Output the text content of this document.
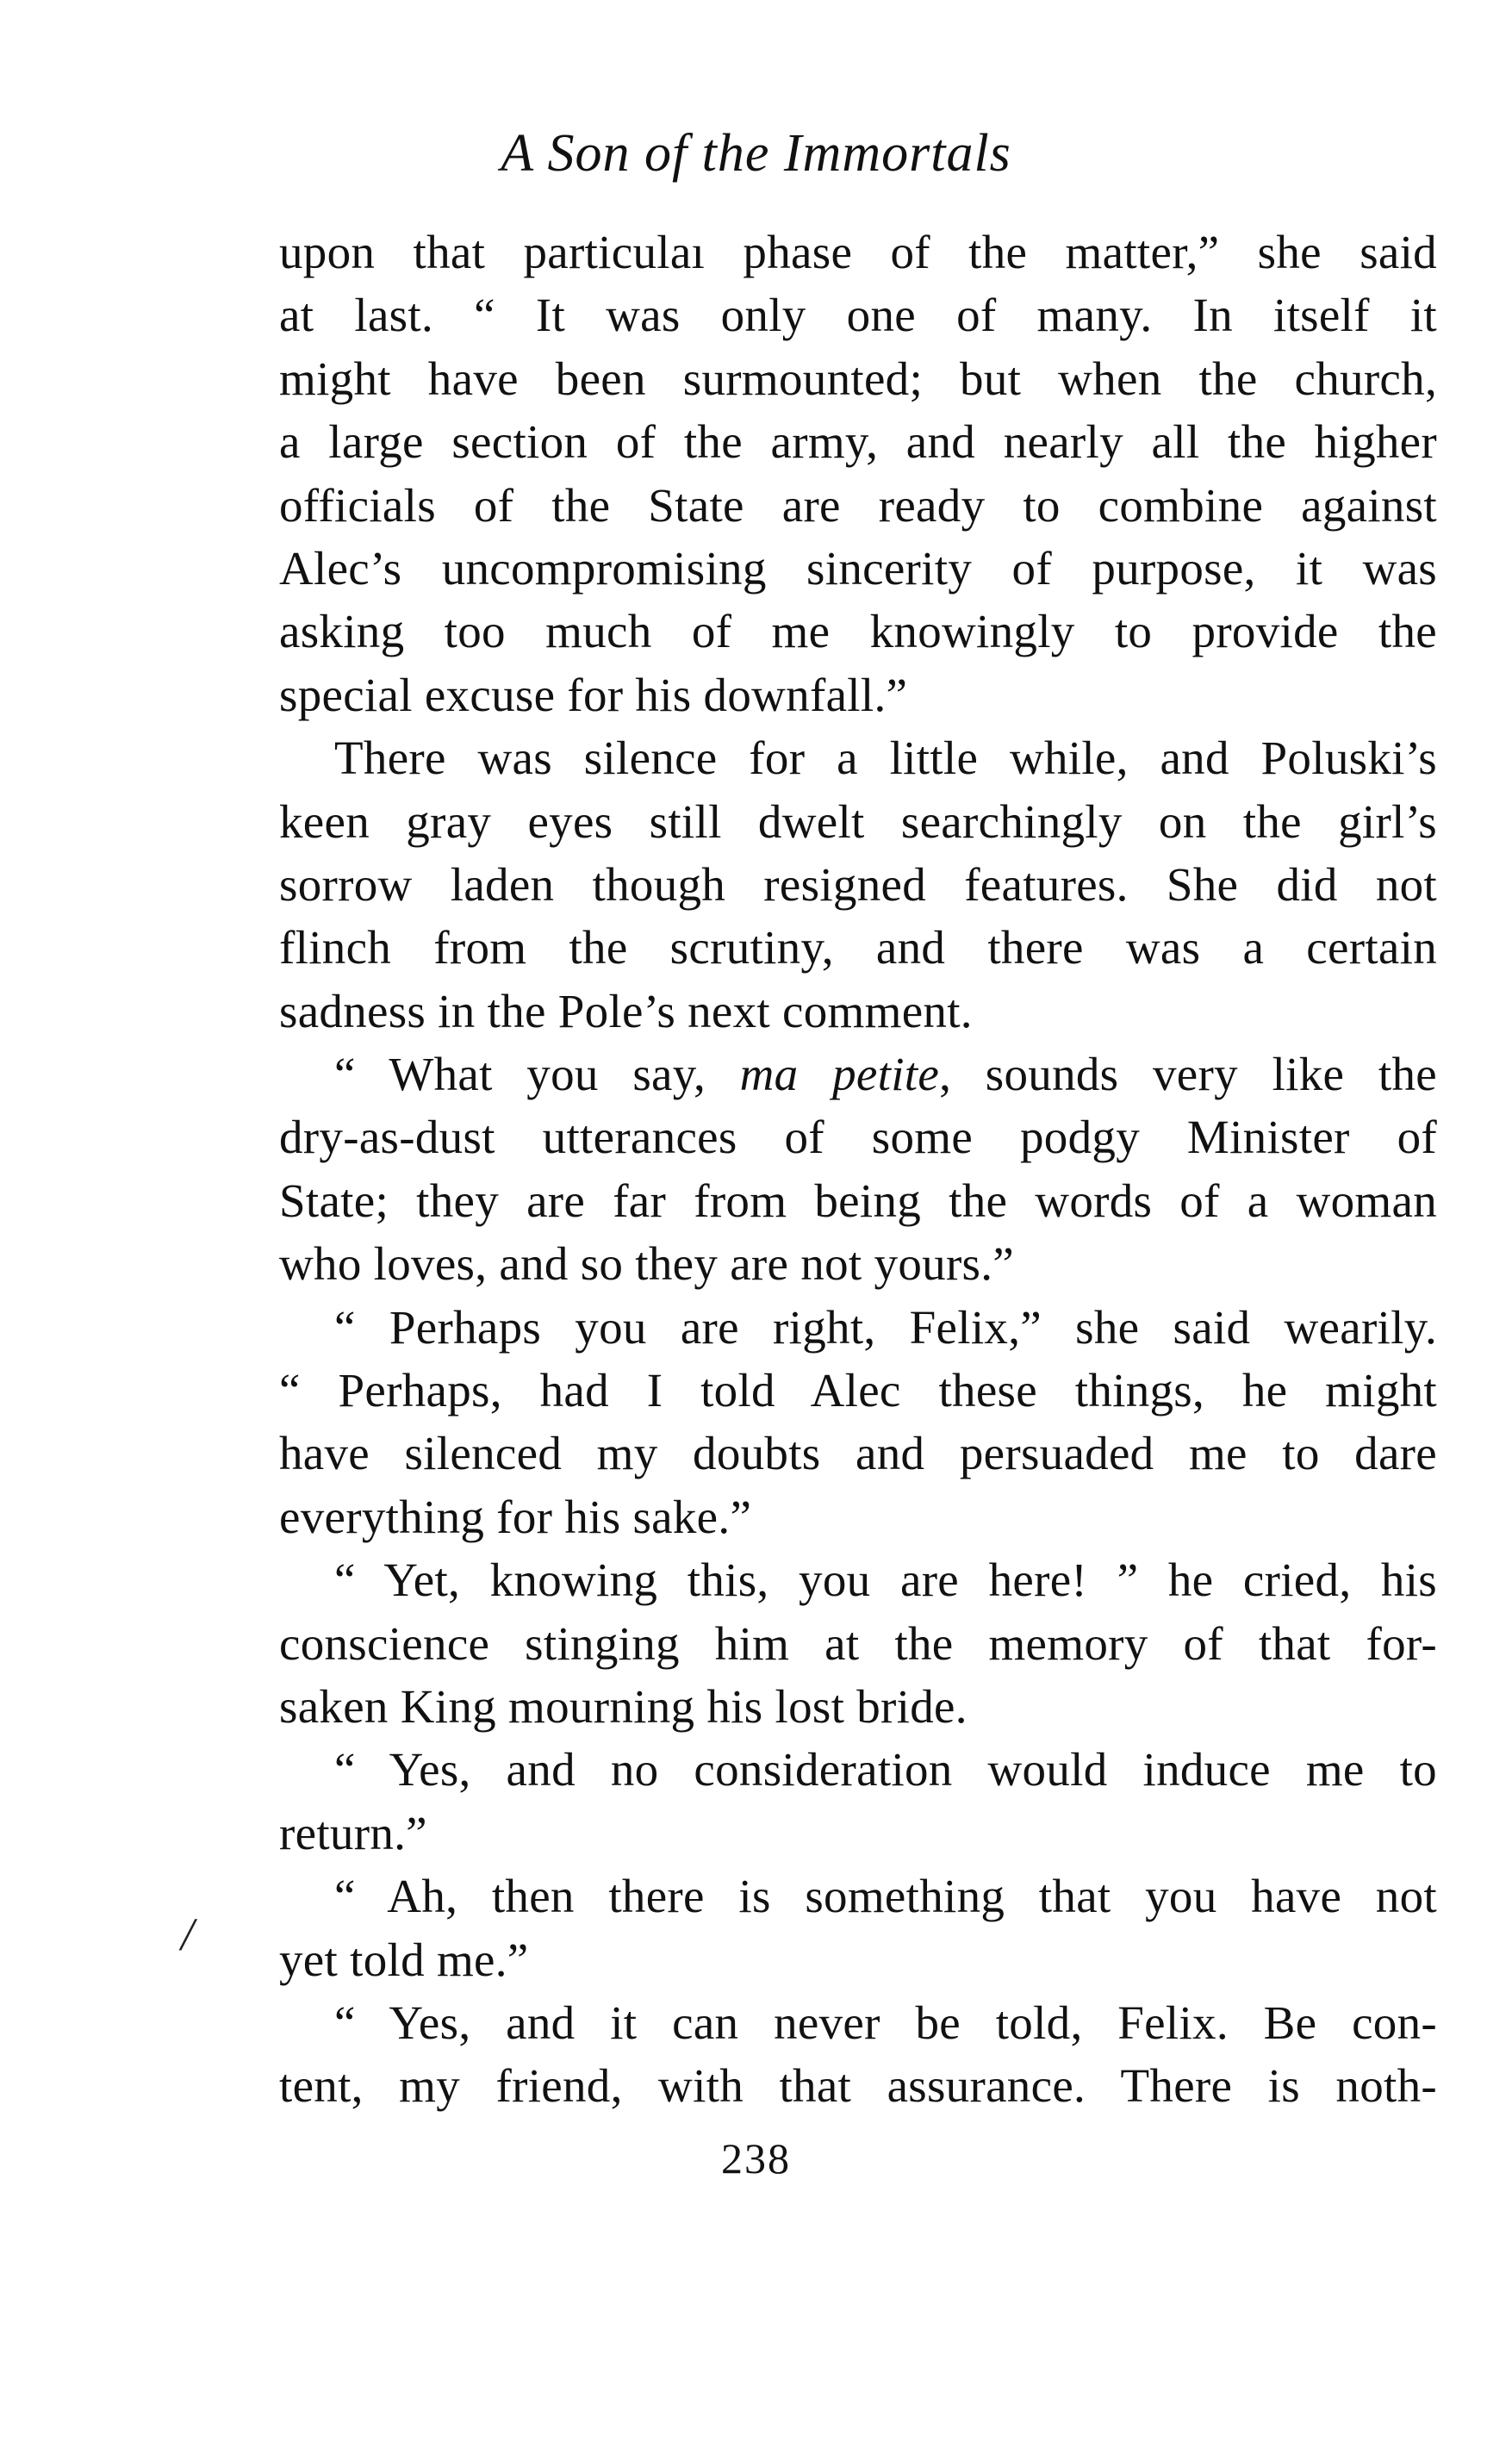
A Son of the Immortals
/
upon that particulaı phase of the matter,” she said
at last. “ It was only one of many. In itself it
might have been surmounted; but when the church,
a large section of the army, and nearly all the higher
officials of the State are ready to combine against
Alec’s uncompromising sincerity of purpose, it was
asking too much of me knowingly to provide the
special excuse for his downfall.”
There was silence for a little while, and Poluski’s
keen gray eyes still dwelt searchingly on the girl’s
sorrow laden though resigned features. She did not
flinch from the scrutiny, and there was a certain
sadness in the Pole’s next comment.
“ What you say, ma petite, sounds very like the
dry-as-dust utterances of some podgy Minister of
State; they are far from being the words of a woman
who loves, and so they are not yours.”
“ Perhaps you are right, Felix,” she said wearily.
“ Perhaps, had I told Alec these things, he might
have silenced my doubts and persuaded me to dare
everything for his sake.”
“ Yet, knowing this, you are here! ” he cried, his
conscience stinging him at the memory of that for-
saken King mourning his lost bride.
“ Yes, and no consideration would induce me to
return.”
“ Ah, then there is something that you have not
yet told me.”
“ Yes, and it can never be told, Felix. Be con-
tent, my friend, with that assurance. There is noth-
238
